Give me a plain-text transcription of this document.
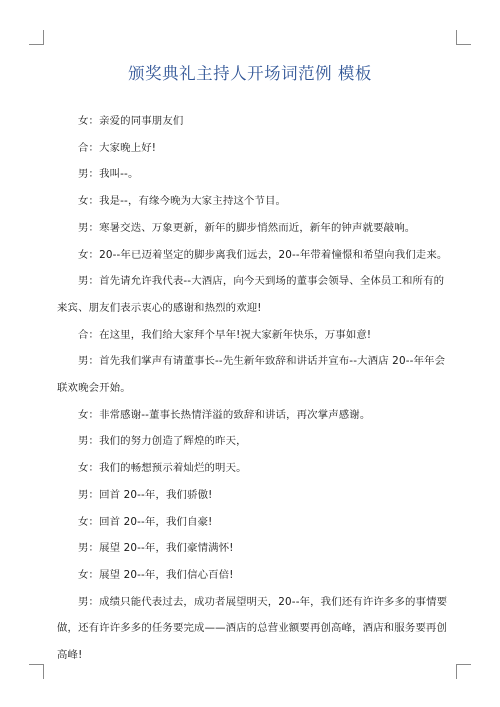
颁奖典礼主持人开场词范例 模板

女：亲爱的同事朋友们

合：大家晚上好!

男：我叫--。

女：我是--，有缘今晚为大家主持这个节目。

男：寒暑交迭、万象更新，新年的脚步悄然而近，新年的钟声就要敲响。

女：20--年已迈着坚定的脚步离我们远去，20--年带着憧憬和希望向我们走来。

男：首先请允许我代表--大酒店，向今天到场的董事会领导、全体员工和所有的来宾、朋友们表示衷心的感谢和热烈的欢迎!

合：在这里，我们给大家拜个早年!祝大家新年快乐，万事如意!

男：首先我们掌声有请董事长--先生新年致辞和讲话并宣布--大酒店 20--年年会联欢晚会开始。

女：非常感谢--董事长热情洋溢的致辞和讲话，再次掌声感谢。

男：我们的努力创造了辉煌的昨天，

女：我们的畅想预示着灿烂的明天。

男：回首 20--年，我们骄傲!

女：回首 20--年，我们自豪!

男：展望 20--年，我们豪情满怀!

女：展望 20--年，我们信心百倍!

男：成绩只能代表过去，成功者展望明天，20--年，我们还有许许多多的事情要做，还有许许多多的任务要完成——酒店的总营业额要再创高峰，酒店和服务要再创高峰!
